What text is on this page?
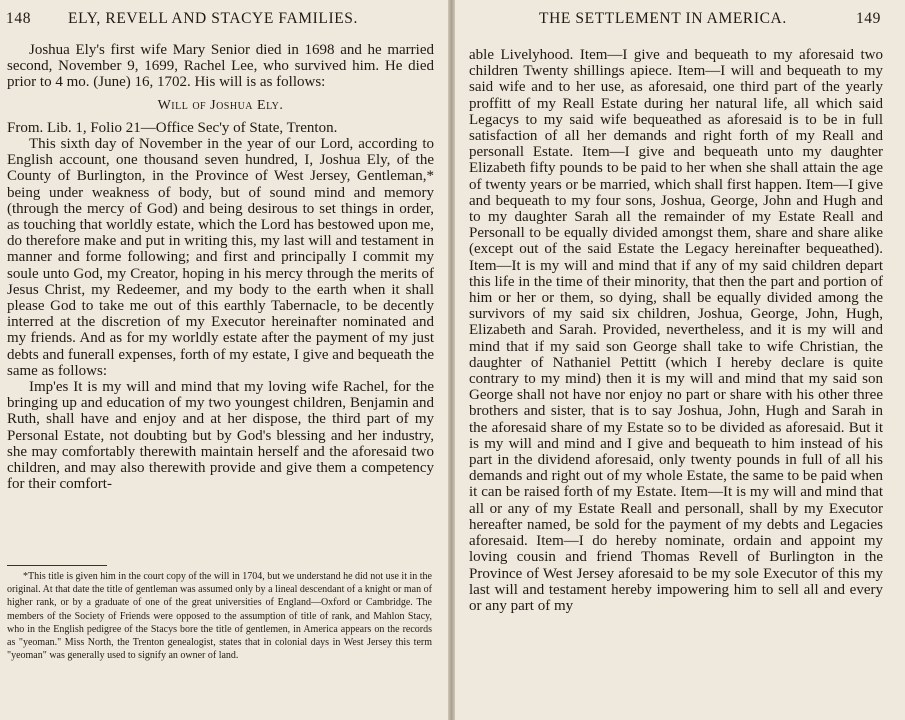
148 ELY, REVELL AND STACYE FAMILIES.

Joshua Ely's first wife Mary Senior died in 1698 and he married second, November 9, 1699, Rachel Lee, who survived him. He died prior to 4 mo. (June) 16, 1702. His will is as follows:

Will of Joshua Ely.

From. Lib. 1, Folio 21—Office Sec'y of State, Trenton.

This sixth day of November in the year of our Lord, according to English account, one thousand seven hundred, I, Joshua Ely, of the County of Burlington, in the Province of West Jersey, Gentleman,* being under weakness of body, but of sound mind and memory (through the mercy of God) and being desirous to set things in order, as touching that worldly estate, which the Lord has bestowed upon me, do therefore make and put in writing this, my last will and testament in manner and forme following; and first and principally I commit my soule unto God, my Creator, hoping in his mercy through the merits of Jesus Christ, my Redeemer, and my body to the earth when it shall please God to take me out of this earthly Tabernacle, to be decently interred at the discretion of my Executor hereinafter nominated and my friends. And as for my worldly estate after the payment of my just debts and funerall expenses, forth of my estate, I give and bequeath the same as follows:

Imp'es It is my will and mind that my loving wife Rachel, for the bringing up and education of my two youngest children, Benjamin and Ruth, shall have and enjoy and at her dispose, the third part of my Personal Estate, not doubting but by God's blessing and her industry, she may comfortably therewith maintain herself and the aforesaid two children, and may also therewith provide and give them a competency for their comfort-

*This title is given him in the court copy of the will in 1704, but we understand he did not use it in the original. At that date the title of gentleman was assumed only by a lineal descendant of a knight or man of higher rank, or by a graduate of one of the great universities of England—Oxford or Cambridge. The members of the Society of Friends were opposed to the assumption of title of rank, and Mahlon Stacy, who in the English pedigree of the Stacys bore the title of gentlemen, in America appears on the records as "yeoman." Miss North, the Trenton genealogist, states that in colonial days in West Jersey this term "yeoman" was generally used to signify an owner of land.

THE SETTLEMENT IN AMERICA.	149

able Livelyhood. Item—I give and bequeath to my aforesaid two children Twenty shillings apiece. Item—I will and bequeath to my said wife and to her use, as aforesaid, one third part of the yearly proffitt of my Reall Estate during her natural life, all which said Legacys to my said wife bequeathed as aforesaid is to be in full satisfaction of all her demands and right forth of my Reall and personall Estate. Item—I give and bequeath unto my daughter Elizabeth fifty pounds to be paid to her when she shall attain the age of twenty years or be married, which shall first happen. Item—I give and bequeath to my four sons, Joshua, George, John and Hugh and to my daughter Sarah all the remainder of my Estate Reall and Personall to be equally divided amongst them, share and share alike (except out of the said Estate the Legacy hereinafter bequeathed). Item—It is my will and mind that if any of my said children depart this life in the time of their minority, that then the part and portion of him or her or them, so dying, shall be equally divided among the survivors of my said six children, Joshua, George, John, Hugh, Elizabeth and Sarah. Provided, nevertheless, and it is my will and mind that if my said son George shall take to wife Christian, the daughter of Nathaniel Pettitt (which I hereby declare is quite contrary to my mind) then it is my will and mind that my said son George shall not have nor enjoy no part or share with his other three brothers and sister, that is to say Joshua, John, Hugh and Sarah in the aforesaid share of my Estate so to be divided as aforesaid. But it is my will and mind and I give and bequeath to him instead of his part in the dividend aforesaid, only twenty pounds in full of all his demands and right out of my whole Estate, the same to be paid when it can be raised forth of my Estate. Item—It is my will and mind that all or any of my Estate Reall and personall, shall by my Executor hereafter named, be sold for the payment of my debts and Legacies aforesaid. Item—I do hereby nominate, ordain and appoint my loving cousin and friend Thomas Revell of Burlington in the Province of West Jersey aforesaid to be my sole Executor of this my last will and testament hereby impowering him to sell all and every or any part of my
